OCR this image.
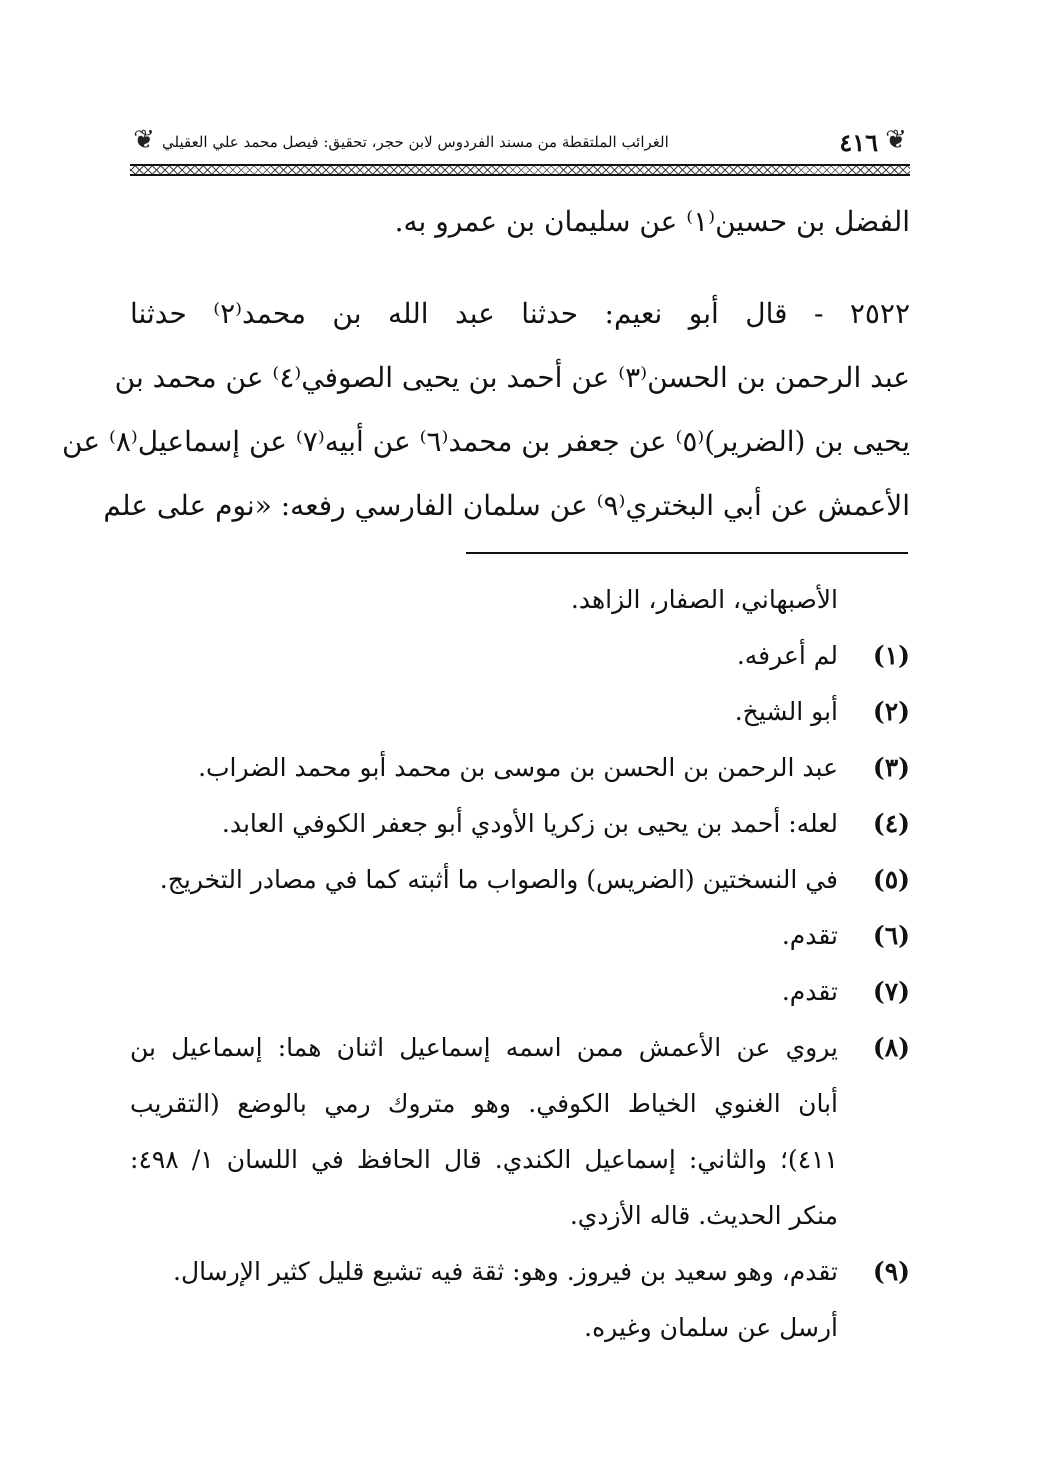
❦
❦	٤١٦
الغرائب الملتقطة من مسند الفردوس لابن حجر، تحقيق: فيصل محمد علي العقيلي
الفضل بن حسين⁽١⁾ عن سليمان بن عمرو به.
٢٥٢٢ - قال أبو نعيم: حدثنا عبد الله بن محمد⁽٢⁾ حدثنا
عبد الرحمن بن الحسن⁽٣⁾ عن أحمد بن يحيى الصوفي⁽٤⁾ عن محمد بن
يحيى بن (الضرير)⁽٥⁾ عن جعفر بن محمد⁽٦⁾ عن أبيه⁽٧⁾ عن إسماعيل⁽٨⁾ عن
الأعمش عن أبي البختري⁽٩⁾ عن سلمان الفارسي رفعه: «نوم على علم
الأصبهاني، الصفار، الزاهد.
(١)
لم أعرفه.
(٢)
أبو الشيخ.
(٣)
عبد الرحمن بن الحسن بن موسى بن محمد أبو محمد الضراب.
(٤)
لعله: أحمد بن يحيى بن زكريا الأودي أبو جعفر الكوفي العابد.
(٥)
في النسختين (الضريس) والصواب ما أثبته كما في مصادر التخريج.
(٦)
تقدم.
(٧)
تقدم.
(٨)
يروي عن الأعمش ممن اسمه إسماعيل اثنان هما: إسماعيل بن
أبان الغنوي الخياط الكوفي. وهو متروك رمي بالوضع (التقريب
٤١١)؛ والثاني: إسماعيل الكندي. قال الحافظ في اللسان ١/ ٤٩٨:
منكر الحديث. قاله الأزدي.
(٩)
تقدم، وهو سعيد بن فيروز. وهو: ثقة فيه تشيع قليل كثير الإرسال.
أرسل عن سلمان وغيره.
